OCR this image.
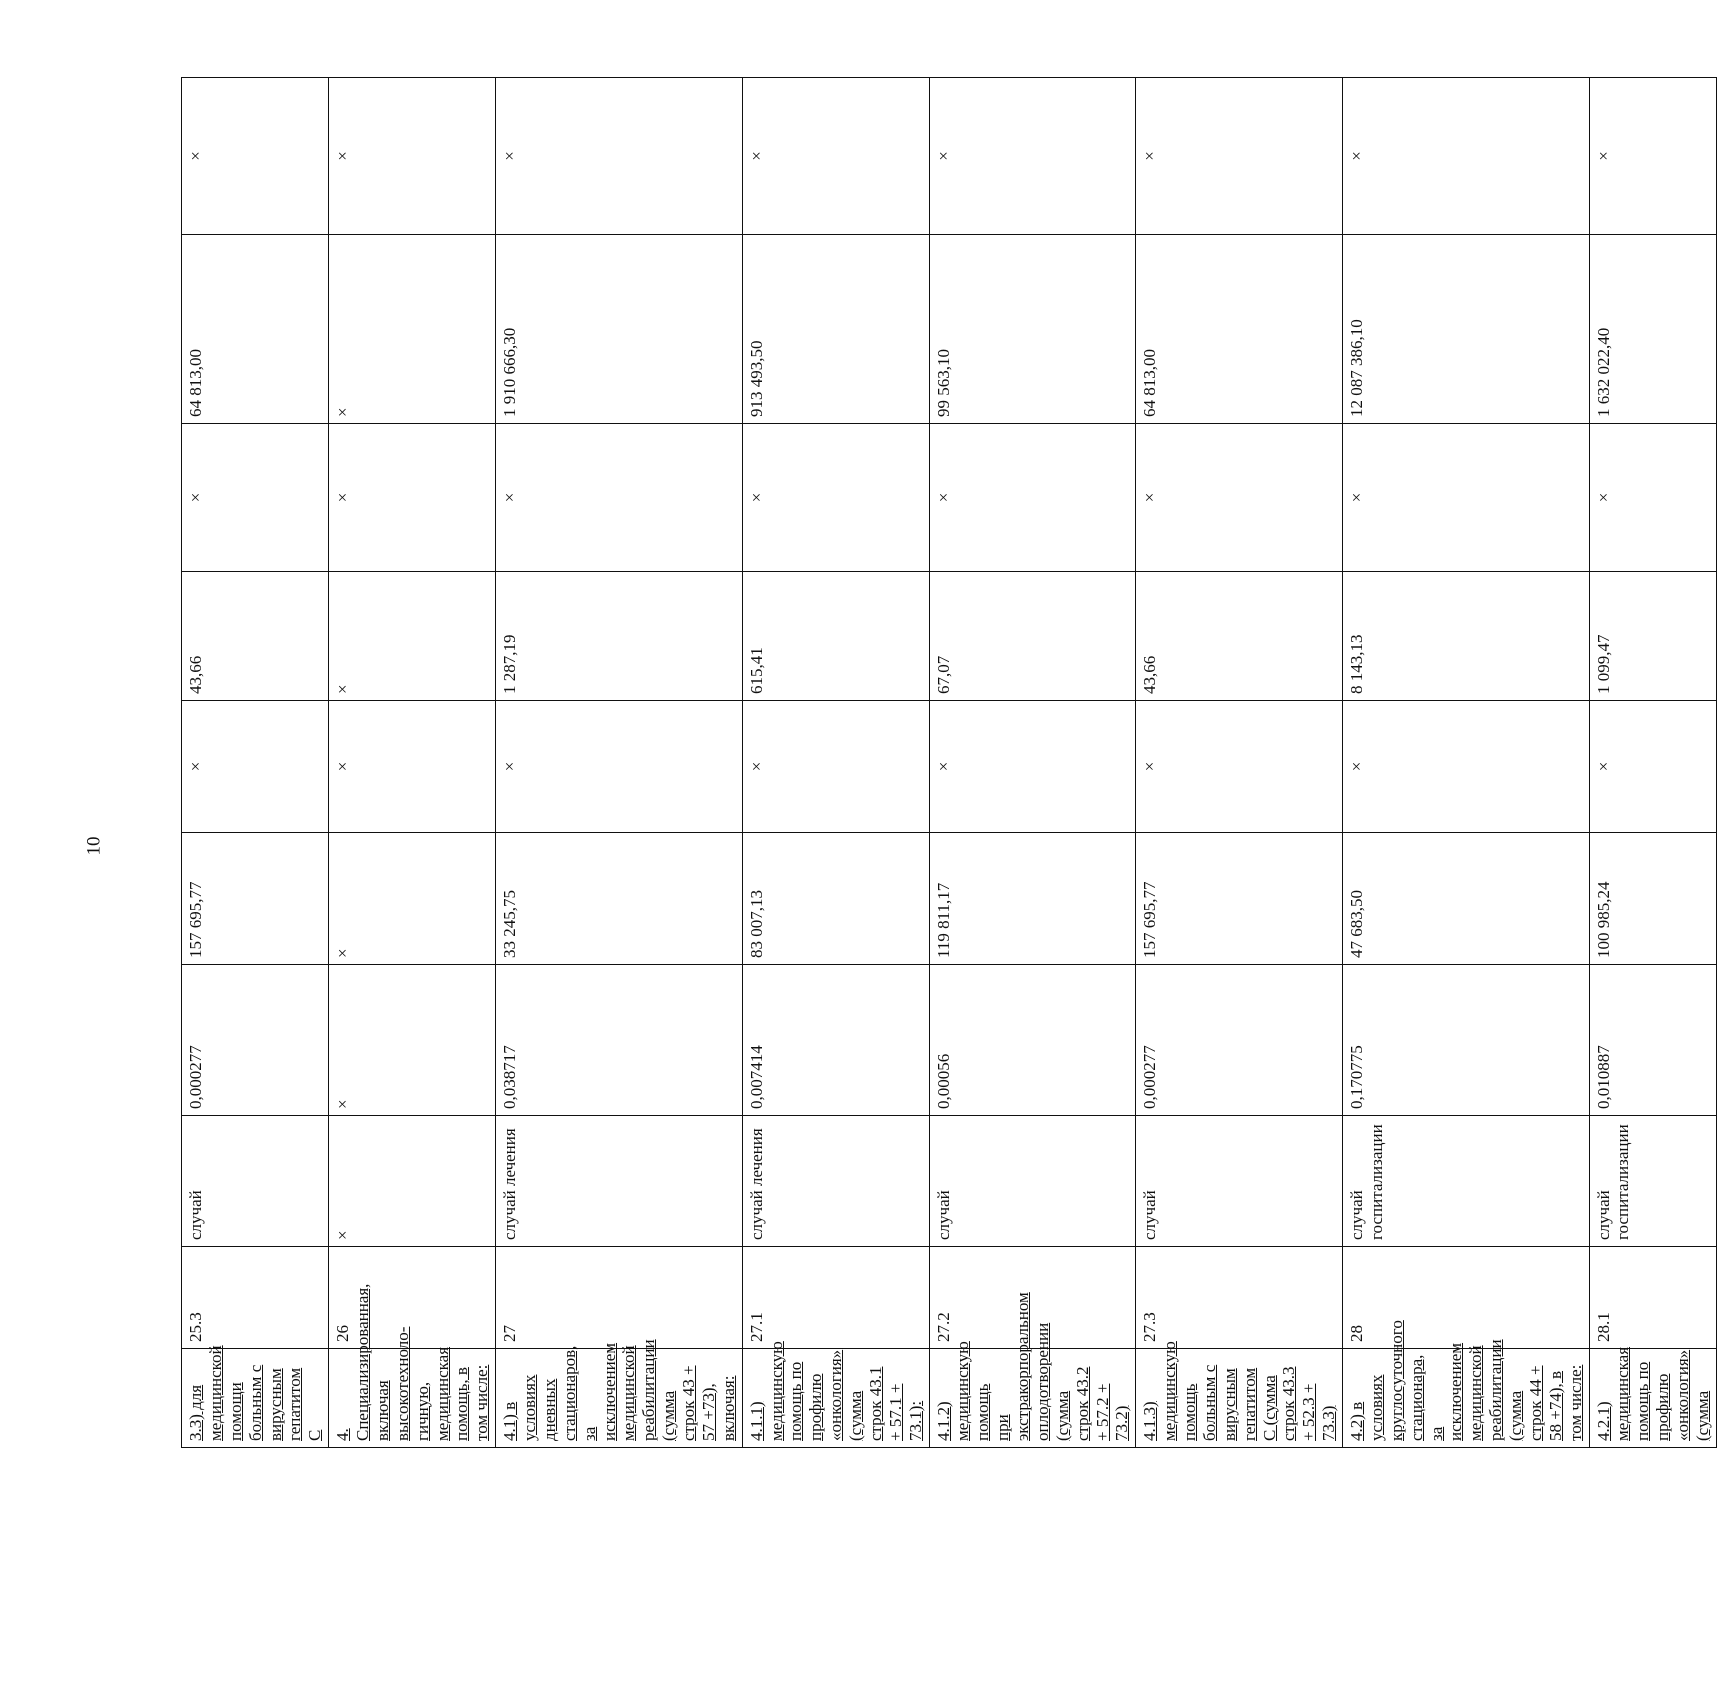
10
3.3) для медицинской помощи больным с вирусным гепатитом С	25.3	случай	0,000277	157 695,77	×	43,66	×	64 813,00	×
4. Специализированная, включая высокотехноло-гичную, медицинская помощь, в том числе:	26	×	×	×	×	×	×	×	×
4.1) в условиях дневных стационаров, за исключением медицинской реабилитации (сумма строк 43 + 57 +73), включая:	27	случай лечения	0,038717	33 245,75	×	1 287,19	×	1 910 666,30	×
4.1.1) медицинскую помощь по профилю «онкология» (сумма строк 43.1 + 57.1 + 73.1):	27.1	случай лечения	0,007414	83 007,13	×	615,41	×	913 493,50	×
4.1.2) медицинскую помощь при экстракорпоральном оплодотворении (сумма строк 43.2 + 57.2 + 73.2)	27.2	случай	0,00056	119 811,17	×	67,07	×	99 563,10	×
4.1.3) медицинскую помощь больным с вирусным гепатитом С (сумма строк 43.3 + 52.3 + 73.3)	27.3	случай	0,000277	157 695,77	×	43,66	×	64 813,00	×
4.2) в условиях круглосуточного стационара, за исключением медицинской реабилитации (сумма строк 44 + 58 +74), в том числе:	28	случай госпитализации	0,170775	47 683,50	×	8 143,13	×	12 087 386,10	×
4.2.1) медицинская помощь по профилю «онкология» (сумма	28.1	случай госпитализации	0,010887	100 985,24	×	1 099,47	×	1 632 022,40	×
